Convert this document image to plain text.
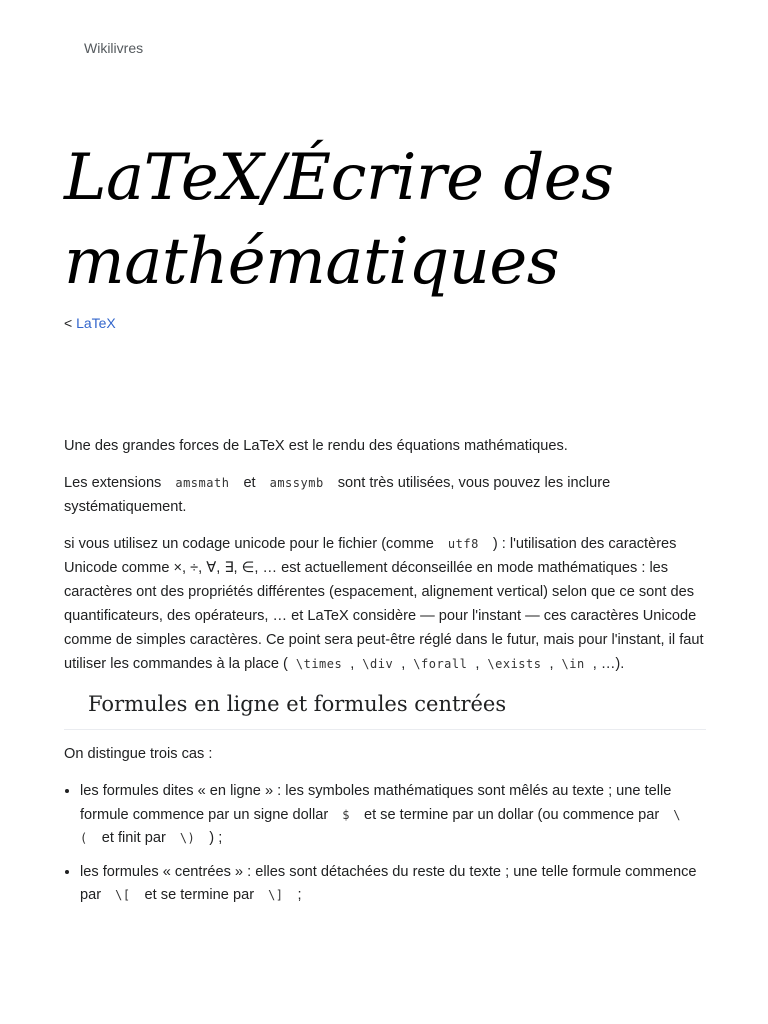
Wikilivres
LaTeX/Écrire des mathématiques
< LaTeX

Une des grandes forces de LaTeX est le rendu des équations mathématiques.

Les extensions amsmath et amssymb sont très utilisées, vous pouvez les inclure systématiquement.

si vous utilisez un codage unicode pour le fichier (comme utf8 ) : l'utilisation des caractères Unicode comme ×, ÷, ∀, ∃, ∈, … est actuellement déconseillée en mode mathématiques : les caractères ont des propriétés différentes (espacement, alignement vertical) selon que ce sont des quantificateurs, des opérateurs, … et LaTeX considère — pour l'instant — ces caractères Unicode comme de simples caractères. Ce point sera peut-être réglé dans le futur, mais pour l'instant, il faut utiliser les commandes à la place ( \times , \div , \forall , \exists , \in , …).

Formules en ligne et formules centrées

On distingue trois cas :

• les formules dites « en ligne » : les symboles mathématiques sont mêlés au texte ; une telle formule commence par un signe dollar $ et se termine par un dollar (ou commence par \( et finit par \) ) ;
• les formules « centrées » : elles sont détachées du reste du texte ; une telle formule commence par \[ et se termine par \] ;
